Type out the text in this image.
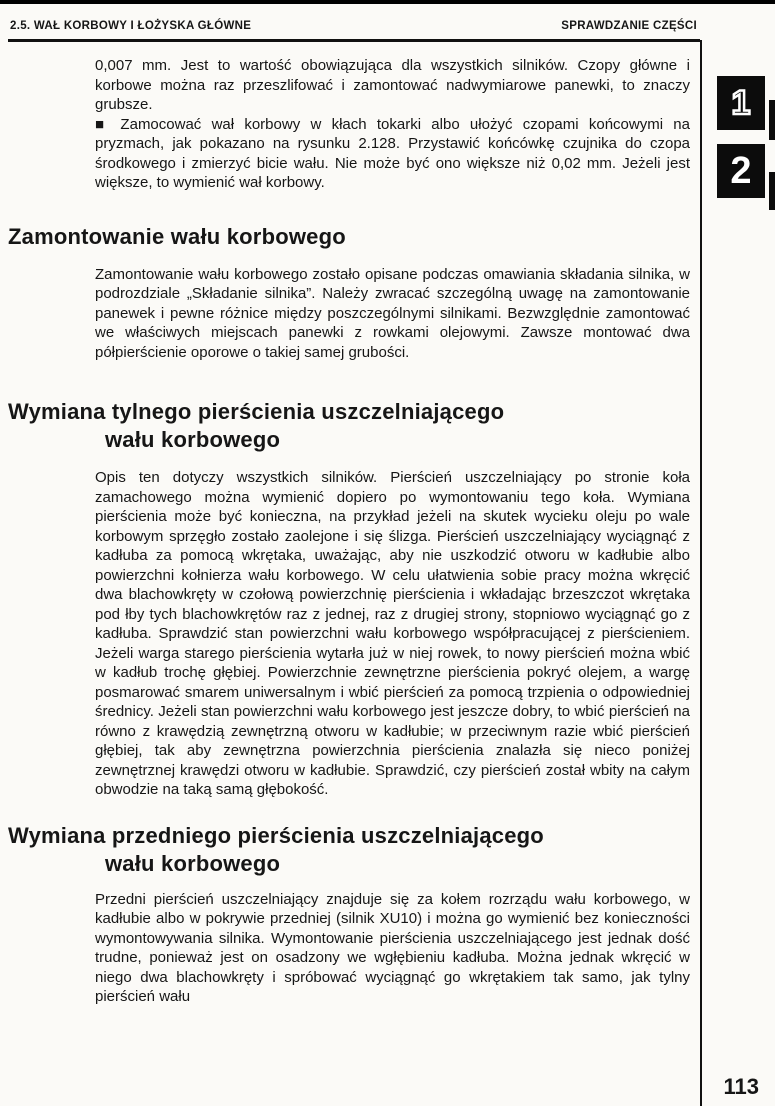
2.5. WAŁ KORBOWY I ŁOŻYSKA GŁÓWNE	SPRAWDZANIE CZĘŚCI
1
2

0,007 mm. Jest to wartość obowiązująca dla wszystkich silników. Czopy główne i korbowe można raz przeszlifować i zamontować nadwymiarowe panewki, to znaczy grubsze.

■ Zamocować wał korbowy w kłach tokarki albo ułożyć czopami końcowymi na pryzmach, jak pokazano na rysunku 2.128. Przystawić końcówkę czujnika do czopa środkowego i zmierzyć bicie wału. Nie może być ono większe niż 0,02 mm. Jeżeli jest większe, to wymienić wał korbowy.

Zamontowanie wału korbowego

Zamontowanie wału korbowego zostało opisane podczas omawiania składania silnika, w podrozdziale „Składanie silnika”. Należy zwracać szczególną uwagę na zamontowanie panewek i pewne różnice między poszczególnymi silnikami. Bezwzględnie zamontować we właściwych miejscach panewki z rowkami olejowymi. Zawsze montować dwa półpierścienie oporowe o takiej samej grubości.

Wymiana tylnego pierścienia uszczelniającego
wału korbowego

Opis ten dotyczy wszystkich silników. Pierścień uszczelniający po stronie koła zamachowego można wymienić dopiero po wymontowaniu tego koła. Wymiana pierścienia może być konieczna, na przykład jeżeli na skutek wycieku oleju po wale korbowym sprzęgło zostało zaolejone i się ślizga. Pierścień uszczelniający wyciągnąć z kadłuba za pomocą wkrętaka, uważając, aby nie uszkodzić otworu w kadłubie albo powierzchni kołnierza wału korbowego. W celu ułatwienia sobie pracy można wkręcić dwa blachowkręty w czołową powierzchnię pierścienia i wkładając brzeszczot wkrętaka pod łby tych blachowkrętów raz z jednej, raz z drugiej strony, stopniowo wyciągnąć go z kadłuba. Sprawdzić stan powierzchni wału korbowego współpracującej z pierścieniem. Jeżeli warga starego pierścienia wytarła już w niej rowek, to nowy pierścień można wbić w kadłub trochę głębiej. Powierzchnie zewnętrzne pierścienia pokryć olejem, a wargę posmarować smarem uniwersalnym i wbić pierścień za pomocą trzpienia o odpowiedniej średnicy. Jeżeli stan powierzchni wału korbowego jest jeszcze dobry, to wbić pierścień na równo z krawędzią zewnętrzną otworu w kadłubie; w przeciwnym razie wbić pierścień głębiej, tak aby zewnętrzna powierzchnia pierścienia znalazła się nieco poniżej zewnętrznej krawędzi otworu w kadłubie. Sprawdzić, czy pierścień został wbity na całym obwodzie na taką samą głębokość.

Wymiana przedniego pierścienia uszczelniającego
wału korbowego

Przedni pierścień uszczelniający znajduje się za kołem rozrządu wału korbowego, w kadłubie albo w pokrywie przedniej (silnik XU10) i można go wymienić bez konieczności wymontowywania silnika. Wymontowanie pierścienia uszczelniającego jest jednak dość trudne, ponieważ jest on osadzony we wgłębieniu kadłuba. Można jednak wkręcić w niego dwa blachowkręty i spróbować wyciągnąć go wkrętakiem tak samo, jak tylny pierścień wału

113
